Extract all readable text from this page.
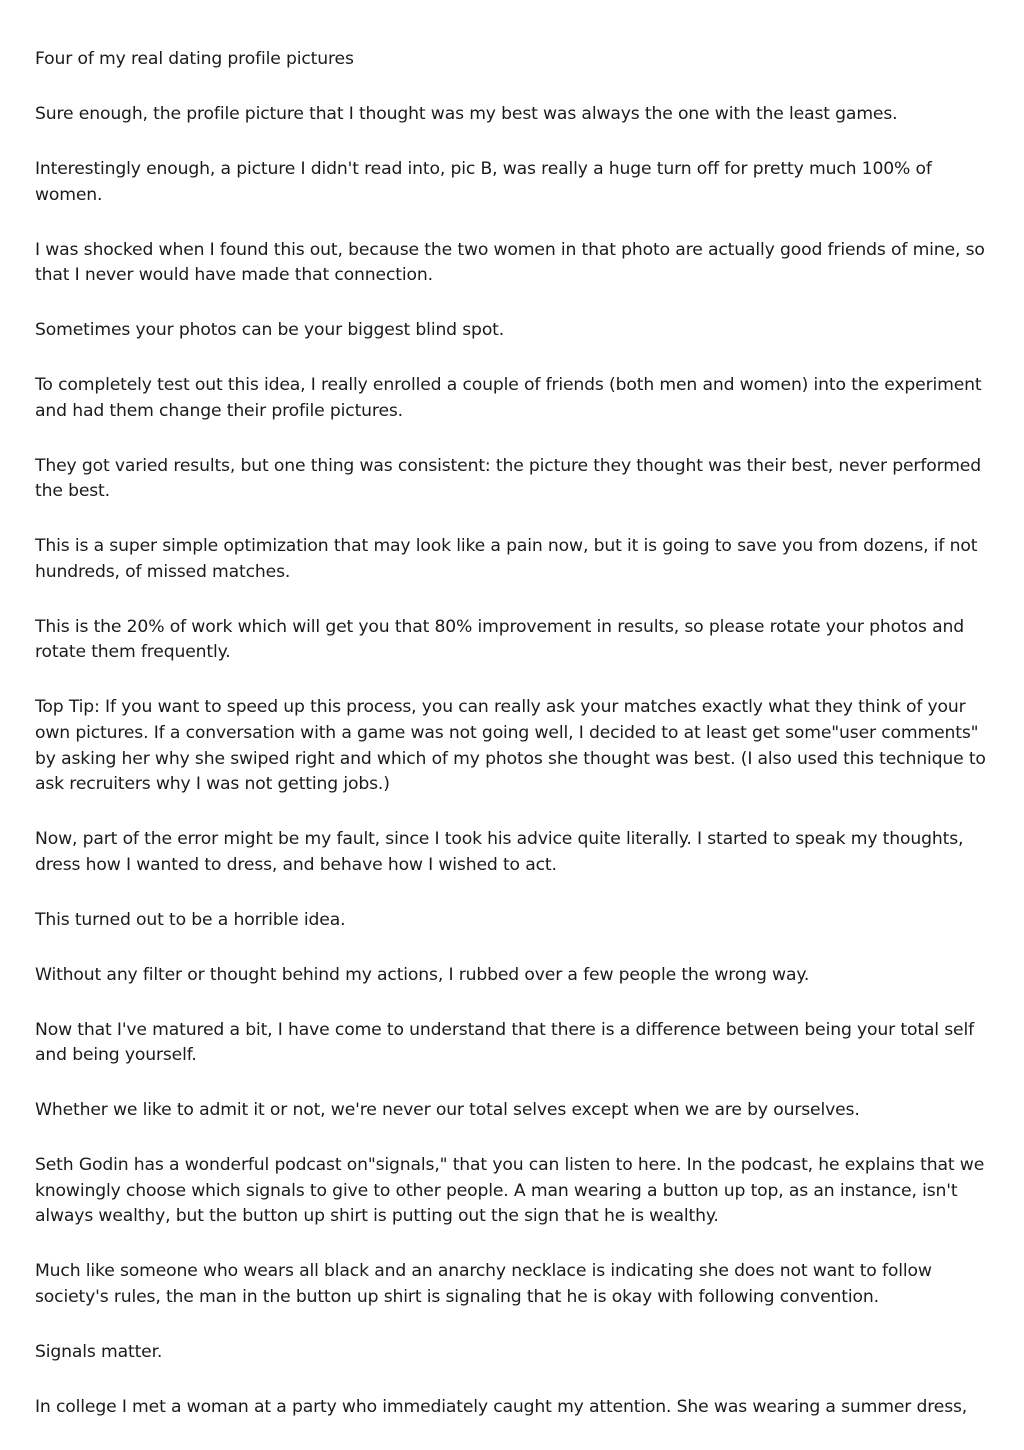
Four of my real dating profile pictures

Sure enough, the profile picture that I thought was my best was always the one with the least games.

Interestingly enough, a picture I didn't read into, pic B, was really a huge turn off for pretty much 100% of women.

I was shocked when I found this out, because the two women in that photo are actually good friends of mine, so that I never would have made that connection.

Sometimes your photos can be your biggest blind spot.

To completely test out this idea, I really enrolled a couple of friends (both men and women) into the experiment and had them change their profile pictures.

They got varied results, but one thing was consistent: the picture they thought was their best, never performed the best.

This is a super simple optimization that may look like a pain now, but it is going to save you from dozens, if not hundreds, of missed matches.

This is the 20% of work which will get you that 80% improvement in results, so please rotate your photos and rotate them frequently.

Top Tip: If you want to speed up this process, you can really ask your matches exactly what they think of your own pictures. If a conversation with a game was not going well, I decided to at least get some"user comments" by asking her why she swiped right and which of my photos she thought was best. (I also used this technique to ask recruiters why I was not getting jobs.)

Now, part of the error might be my fault, since I took his advice quite literally. I started to speak my thoughts, dress how I wanted to dress, and behave how I wished to act.

This turned out to be a horrible idea.

Without any filter or thought behind my actions, I rubbed over a few people the wrong way.

Now that I've matured a bit, I have come to understand that there is a difference between being your total self and being yourself.

Whether we like to admit it or not, we're never our total selves except when we are by ourselves.

Seth Godin has a wonderful podcast on"signals," that you can listen to here. In the podcast, he explains that we knowingly choose which signals to give to other people. A man wearing a button up top, as an instance, isn't always wealthy, but the button up shirt is putting out the sign that he is wealthy.

Much like someone who wears all black and an anarchy necklace is indicating she does not want to follow society's rules, the man in the button up shirt is signaling that he is okay with following convention.

Signals matter.

In college I met a woman at a party who immediately caught my attention. She was wearing a summer dress,
